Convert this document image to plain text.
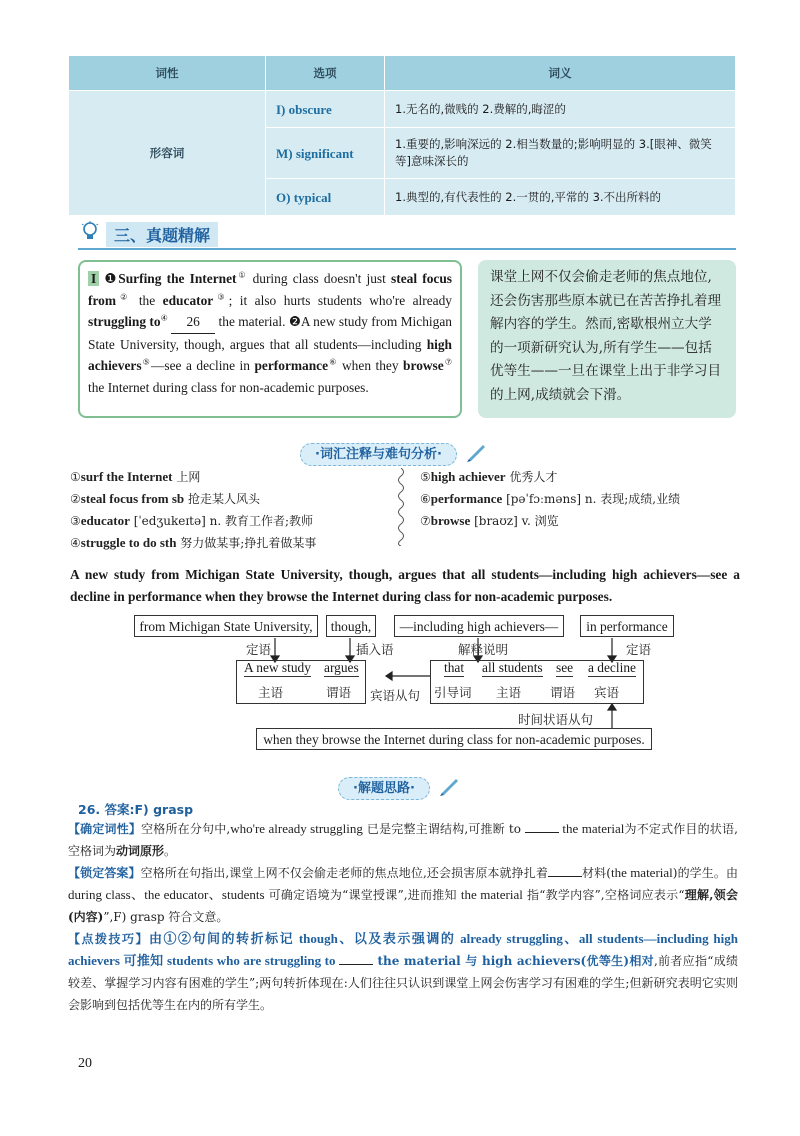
词性	选项	词义
形容词	I) obscure	1.无名的,微贱的 2.费解的,晦涩的
	M) significant	1.重要的,影响深远的 2.相当数量的;影响明显的 3.[眼神、微笑等]意味深长的
	O) typical	1.典型的,有代表性的 2.一贯的,平常的 3.不出所料的
三、真题精解
I ❶Surfing the Internet① during class doesn't just steal focus from② the educator③; it also hurts students who're already struggling to④ 26 the material. ❷A new study from Michigan State University, though, argues that all students—including high achievers⑤—see a decline in performance⑥ when they browse⑦ the Internet during class for non-academic purposes.
课堂上网不仅会偷走老师的焦点地位,还会伤害那些原本就已在苦苦挣扎着理解内容的学生。然而,密歇根州立大学的一项新研究认为,所有学生——包括优等生——一旦在课堂上出于非学习目的上网,成绩就会下滑。
·词汇注释与难句分析·
①surf the Internet 上网
②steal focus from sb 抢走某人风头
③educator [ˈedʒukeɪtə] n. 教育工作者;教师
④struggle to do sth 努力做某事;挣扎着做某事
⑤high achiever 优秀人才
⑥performance [pəˈfɔːməns] n. 表现;成绩,业绩
⑦browse [braʊz] v. 浏览
A new study from Michigan State University, though, argues that all students—including high achievers—see a decline in performance when they browse the Internet during class for non-academic purposes.
from Michigan State University,	though,	—including high achievers—	in performance
定语	插入语	解释说明	定语
A new study argues
主语	谓语 宾语从句
that all students see a decline
引导词 主语 谓语 宾语
时间状语从句
when they browse the Internet during class for non-academic purposes.
·解题思路·
26. 答案:F) grasp
【确定词性】空格所在分句中,who're already struggling 已是完整主谓结构,可推断 to	the material为不定式作目的状语,空格词为动词原形。
【锁定答案】空格所在句指出,课堂上网不仅会偷走老师的焦点地位,还会损害原本就挣扎着	材料(the material)的学生。由 during class、the educator、students 可确定语境为“课堂授课”,进而推知 the material 指“教学内容”,空格词应表示“理解,领会(内容)”,F) grasp 符合文意。
【点拨技巧】由①②句间的转折标记 though、以及表示强调的 already struggling、all students—including high achievers 可推知 students who are struggling to	the material 与 high achievers(优等生)相对,前者应指“成绩较差、掌握学习内容有困难的学生”;两句转折体现在:人们往往只认识到课堂上网会伤害学习有困难的学生;但新研究表明它实则会影响到包括优等生在内的所有学生。
20
